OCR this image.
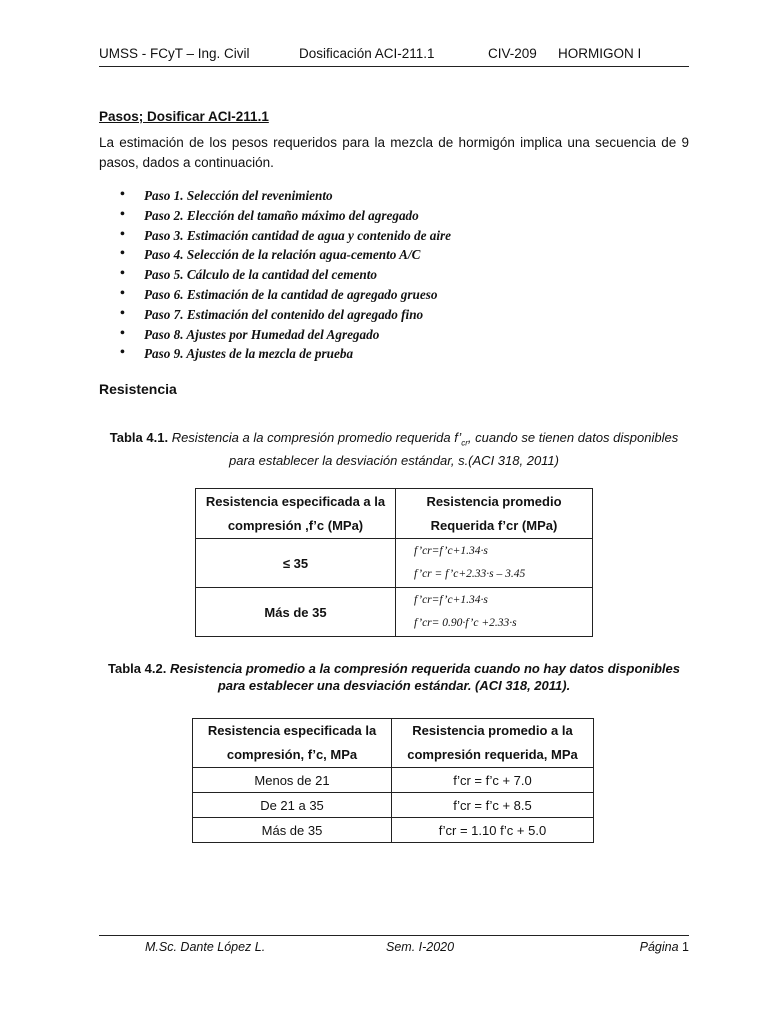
UMSS - FCyT – Ing. Civil	Dosificación ACI-211.1	CIV-209 HORMIGON I
Pasos; Dosificar ACI-211.1

La estimación de los pesos requeridos para la mezcla de hormigón implica una secuencia de 9 pasos, dados a continuación.

• Paso 1. Selección del revenimiento
• Paso 2. Elección del tamaño máximo del agregado
• Paso 3. Estimación cantidad de agua y contenido de aire
• Paso 4. Selección de la relación agua-cemento A/C
• Paso 5. Cálculo de la cantidad del cemento
• Paso 6. Estimación de la cantidad de agregado grueso
• Paso 7. Estimación del contenido del agregado fino
• Paso 8. Ajustes por Humedad del Agregado
• Paso 9. Ajustes de la mezcla de prueba
Resistencia
Tabla 4.1. Resistencia a la compresión promedio requerida $f’_{cr}$, cuando se tienen datos disponibles para establecer la desviación estándar, s.(ACI 318, 2011)
Resistencia especificada a la compresión ,f’c (MPa)	Resistencia promedio Requerida f’cr (MPa)
≤ 35	f’cr=f’c+1.34·s
f’cr = f’c+2.33·s – 3.45

Más de 35	f’cr=f’c+1.34·s
f’cr= 0.90·f’c +2.33·s
Tabla 4.2. Resistencia promedio a la compresión requerida cuando no hay datos disponibles para establecer una desviación estándar. (ACI 318, 2011).
Resistencia especificada la compresión, f’c, MPa	Resistencia promedio a la compresión requerida, MPa
Menos de 21	f’cr = f’c + 7.0
De 21 a 35	f’cr = f’c + 8.5
Más de 35	f’cr = 1.10 f’c + 5.0
M.Sc. Dante López L.	Sem. I-2020	Página 1
